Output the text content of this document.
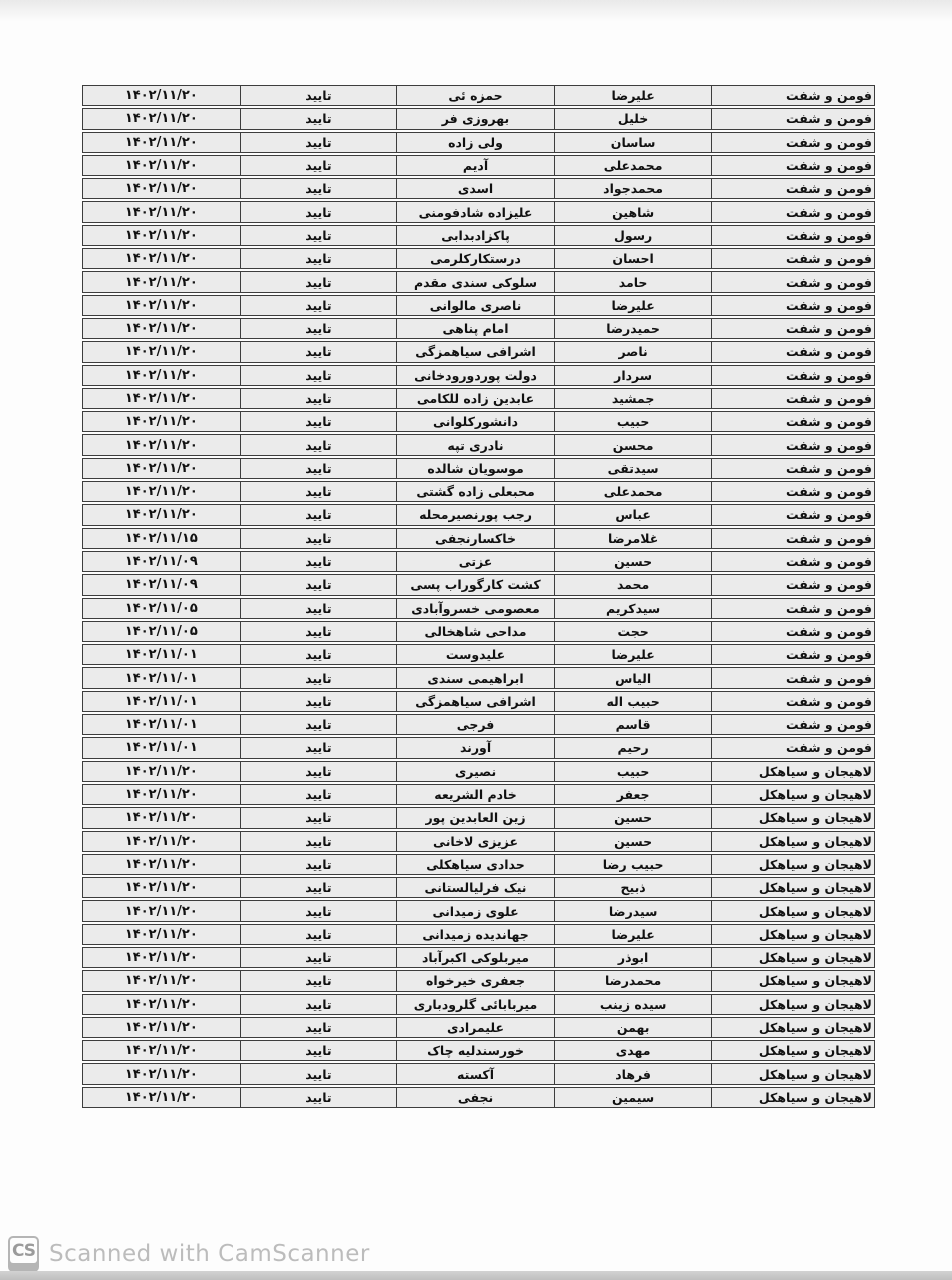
فومن و شفت
علیرضا
حمزه ئی
تایید
۱۴۰۲/۱۱/۲۰
فومن و شفت
خلیل
بهروزی فر
تایید
۱۴۰۲/۱۱/۲۰
فومن و شفت
ساسان
ولی زاده
تایید
۱۴۰۲/۱۱/۲۰
فومن و شفت
محمدعلی
آدیم
تایید
۱۴۰۲/۱۱/۲۰
فومن و شفت
محمدجواد
اسدی
تایید
۱۴۰۲/۱۱/۲۰
فومن و شفت
شاهین
علیزاده شادفومنی
تایید
۱۴۰۲/۱۱/۲۰
فومن و شفت
رسول
پاکزادبدابی
تایید
۱۴۰۲/۱۱/۲۰
فومن و شفت
احسان
درستکارکلرمی
تایید
۱۴۰۲/۱۱/۲۰
فومن و شفت
حامد
سلوکی سندی مقدم
تایید
۱۴۰۲/۱۱/۲۰
فومن و شفت
علیرضا
ناصری مالوانی
تایید
۱۴۰۲/۱۱/۲۰
فومن و شفت
حمیدرضا
امام پناهی
تایید
۱۴۰۲/۱۱/۲۰
فومن و شفت
ناصر
اشرافی سیاهمزگی
تایید
۱۴۰۲/۱۱/۲۰
فومن و شفت
سردار
دولت پوردورودخانی
تایید
۱۴۰۲/۱۱/۲۰
فومن و شفت
جمشید
عابدین زاده للکامی
تایید
۱۴۰۲/۱۱/۲۰
فومن و شفت
حبیب
دانشورکلوانی
تایید
۱۴۰۲/۱۱/۲۰
فومن و شفت
محسن
نادری تپه
تایید
۱۴۰۲/۱۱/۲۰
فومن و شفت
سیدتقی
موسویان شالده
تایید
۱۴۰۲/۱۱/۲۰
فومن و شفت
محمدعلی
محبعلی زاده گشتی
تایید
۱۴۰۲/۱۱/۲۰
فومن و شفت
عباس
رجب پورنصیرمحله
تایید
۱۴۰۲/۱۱/۲۰
فومن و شفت
غلامرضا
خاکسارنجفی
تایید
۱۴۰۲/۱۱/۱۵
فومن و شفت
حسین
عزتی
تایید
۱۴۰۲/۱۱/۰۹
فومن و شفت
محمد
کشت کارگوراب پسی
تایید
۱۴۰۲/۱۱/۰۹
فومن و شفت
سیدکریم
معصومی خسروآبادی
تایید
۱۴۰۲/۱۱/۰۵
فومن و شفت
حجت
مداحی شاهخالی
تایید
۱۴۰۲/۱۱/۰۵
فومن و شفت
علیرضا
علیدوست
تایید
۱۴۰۲/۱۱/۰۱
فومن و شفت
الیاس
ابراهیمی سندی
تایید
۱۴۰۲/۱۱/۰۱
فومن و شفت
حبیب اله
اشرافی سیاهمزگی
تایید
۱۴۰۲/۱۱/۰۱
فومن و شفت
قاسم
فرجی
تایید
۱۴۰۲/۱۱/۰۱
فومن و شفت
رحیم
آورند
تایید
۱۴۰۲/۱۱/۰۱
لاهیجان و سیاهکل
حبیب
نصیری
تایید
۱۴۰۲/۱۱/۲۰
لاهیجان و سیاهکل
جعفر
خادم الشریعه
تایید
۱۴۰۲/۱۱/۲۰
لاهیجان و سیاهکل
حسین
زین العابدین پور
تایید
۱۴۰۲/۱۱/۲۰
لاهیجان و سیاهکل
حسین
عزیزی لاخانی
تایید
۱۴۰۲/۱۱/۲۰
لاهیجان و سیاهکل
حبیب رضا
حدادی سیاهکلی
تایید
۱۴۰۲/۱۱/۲۰
لاهیجان و سیاهکل
ذبیح
نیک فرلیالستانی
تایید
۱۴۰۲/۱۱/۲۰
لاهیجان و سیاهکل
سیدرضا
علوی زمیدانی
تایید
۱۴۰۲/۱۱/۲۰
لاهیجان و سیاهکل
علیرضا
جهاندیده زمیدانی
تایید
۱۴۰۲/۱۱/۲۰
لاهیجان و سیاهکل
ابوذر
میربلوکی اکبرآباد
تایید
۱۴۰۲/۱۱/۲۰
لاهیجان و سیاهکل
محمدرضا
جعفری خیرخواه
تایید
۱۴۰۲/۱۱/۲۰
لاهیجان و سیاهکل
سیده زینب
میربابائی گلرودباری
تایید
۱۴۰۲/۱۱/۲۰
لاهیجان و سیاهکل
بهمن
علیمرادی
تایید
۱۴۰۲/۱۱/۲۰
لاهیجان و سیاهکل
مهدی
خورسندلیه چاک
تایید
۱۴۰۲/۱۱/۲۰
لاهیجان و سیاهکل
فرهاد
آکسته
تایید
۱۴۰۲/۱۱/۲۰
لاهیجان و سیاهکل
سیمین
نجفی
تایید
۱۴۰۲/۱۱/۲۰
CS Scanned with CamScanner
